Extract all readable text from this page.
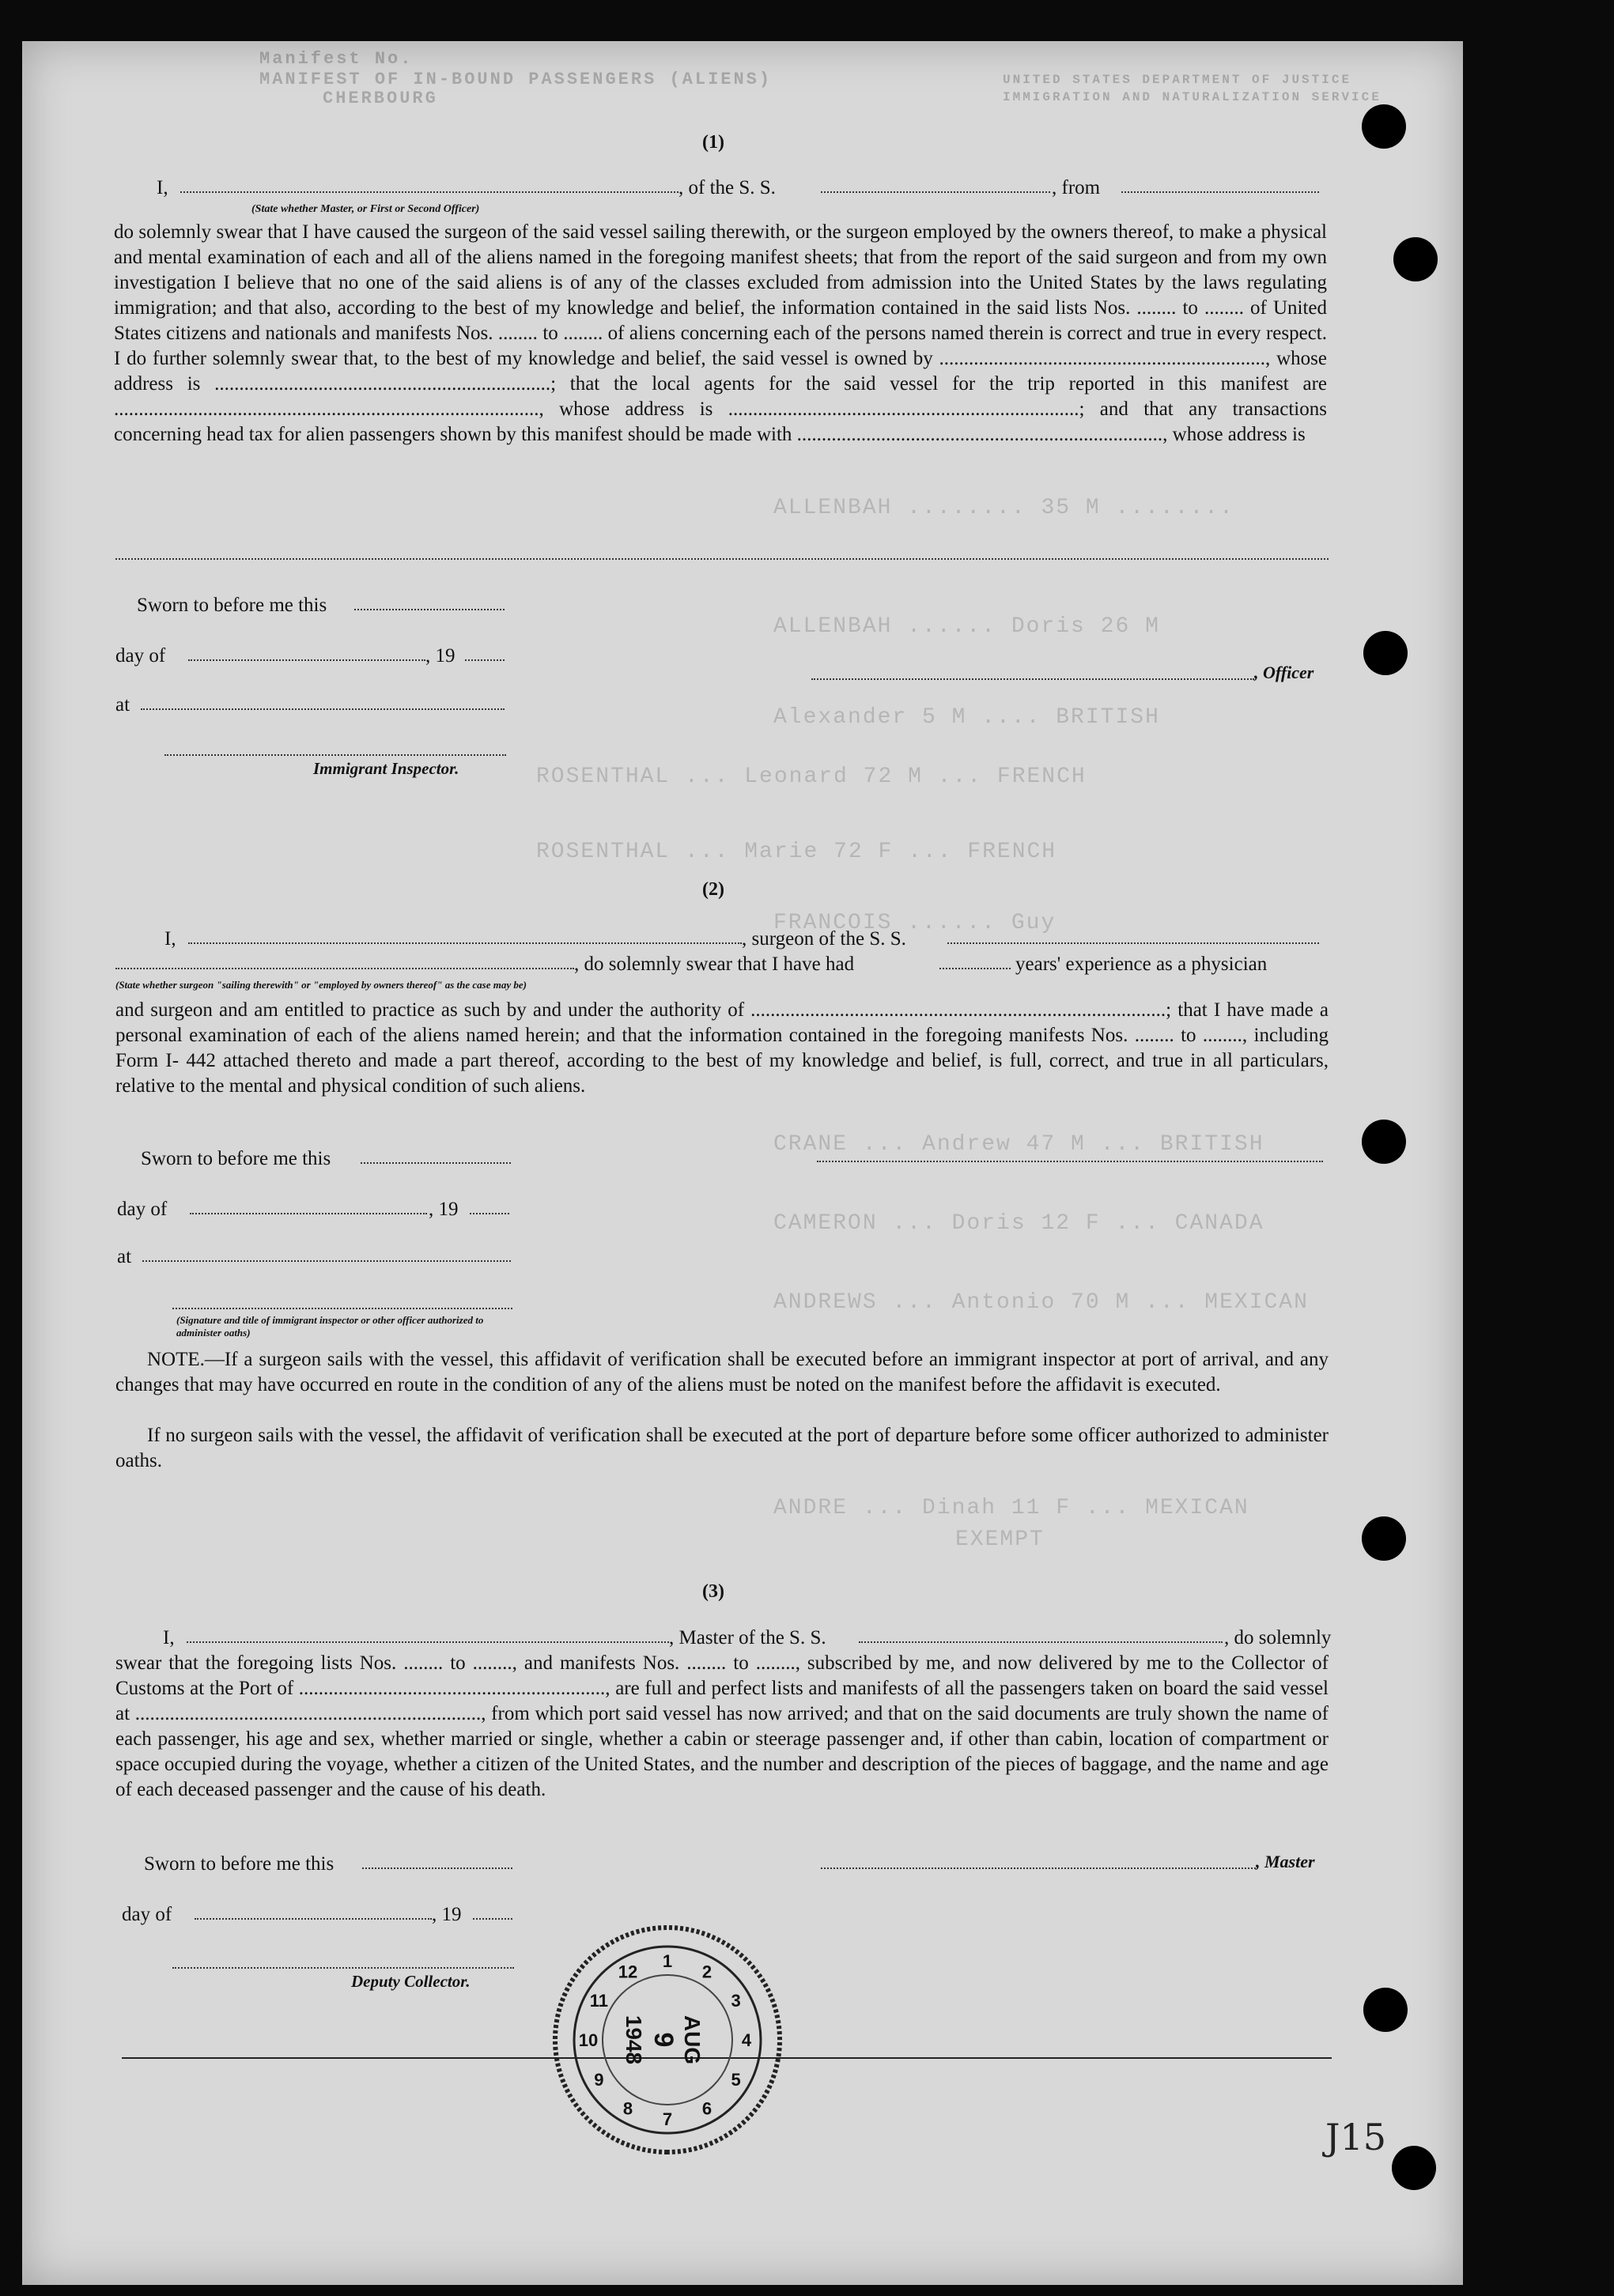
Manifest No.
MANIFEST OF IN-BOUND PASSENGERS (ALIENS)
CHERBOURG
UNITED STATES DEPARTMENT OF JUSTICE
IMMIGRATION AND NATURALIZATION SERVICE
ALLENBAH ........ 35 M ........
ALLENBAH ...... Doris 26 M
Alexander 5 M .... BRITISH
ROSENTHAL ... Leonard 72 M ... FRENCH
ROSENTHAL ... Marie 72 F ... FRENCH
FRANCOIS ...... Guy
CRANE ... Andrew 47 M ... BRITISH
CAMERON ... Doris 12 F ... CANADA
ANDREWS ... Antonio 70 M ... MEXICAN
ANDRE ... Dinah 11 F ... MEXICAN
EXEMPT
(1)
I,	, of the S. S.	, from
(State whether Master, or First or Second Officer)
do solemnly swear that I have caused the surgeon of the said vessel sailing therewith, or the surgeon employed by the owners thereof, to make a physical and mental examination of each and all of the aliens named in the foregoing manifest sheets; that from the report of the said surgeon and from my own investigation I believe that no one of the said aliens is of any of the classes excluded from admission into the United States by the laws regulating immigration; and that also, according to the best of my knowledge and belief, the information contained in the said lists Nos. ........ to ........ of United States citizens and nationals and manifests Nos. ........ to ........ of aliens concerning each of the persons named therein is correct and true in every respect. I do further solemnly swear that, to the best of my knowledge and belief, the said vessel is owned by .................................................................., whose address is ....................................................................; that the local agents for the said vessel for the trip reported in this manifest are ......................................................................................, whose address is .......................................................................; and that any transactions concerning head tax for alien passengers shown by this manifest should be made with .........................................................................., whose address is
Sworn to before me this
day of	, 19
at
Immigrant Inspector.
, Officer
(2)
I,	, surgeon of the S. S.
, do solemnly swear that I have had	years' experience as a physician
(State whether surgeon "sailing therewith" or "employed by owners thereof" as the case may be)
and surgeon and am entitled to practice as such by and under the authority of ....................................................................................; that I have made a personal examination of each of the aliens named herein; and that the information contained in the foregoing manifests Nos. ........ to ........, including Form I- 442 attached thereto and made a part thereof, according to the best of my knowledge and belief, is full, correct, and true in all particulars, relative to the mental and physical condition of such aliens.
Sworn to before me this
day of	, 19
at
(Signature and title of immigrant inspector or other officer authorized to administer oaths)
NOTE.—If a surgeon sails with the vessel, this affidavit of verification shall be executed before an immigrant inspector at port of arrival, and any changes that may have occurred en route in the condition of any of the aliens must be noted on the manifest before the affidavit is executed.
If no surgeon sails with the vessel, the affidavit of verification shall be executed at the port of departure before some officer authorized to administer oaths.
(3)
I,	, Master of the S. S.	, do solemnly
swear that the foregoing lists Nos. ........ to ........, and manifests Nos. ........ to ........, subscribed by me, and now delivered by me to the Collector of Customs at the Port of .............................................................., are full and perfect lists and manifests of all the passengers taken on board the said vessel at ......................................................................, from which port said vessel has now arrived; and that on the said documents are truly shown the name of each passenger, his age and sex, whether married or single, whether a cabin or steerage passenger and, if other than cabin, location of compartment or space occupied during the voyage, whether a citizen of the United States, and the number and description of the pieces of baggage, and the name and age of each deceased passenger and the cause of his death.
Sworn to before me this
day of	, 19
Deputy Collector.
, Master
1
2
3
4
5
6
7
8
9
10
11
12
AUG
9
1948
J15
